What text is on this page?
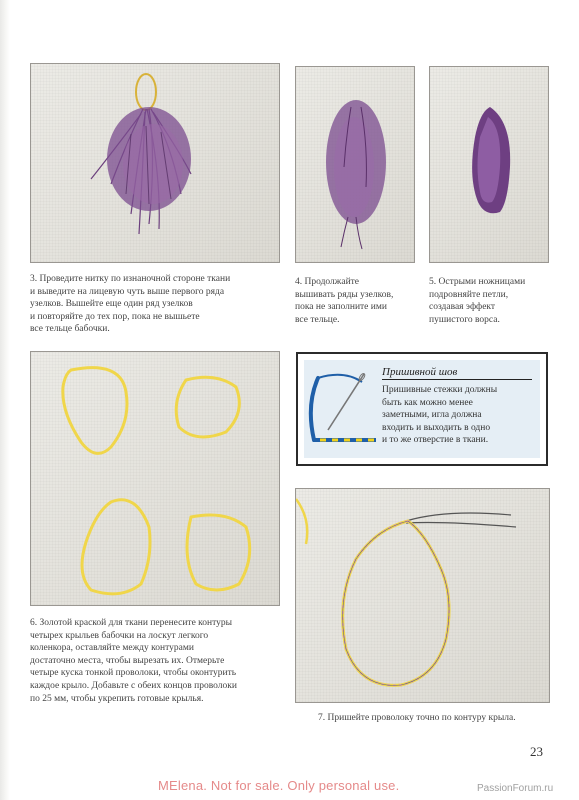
3. Проведите нитку по изнаночной стороне ткани
и выведите на лицевую чуть выше первого ряда
узелков. Вышейте еще один ряд узелков
и повторяйте до тех пор, пока не вышьете
все тельце бабочки.

4. Продолжайте
вышивать ряды узелков,
пока не заполните ими
все тельце.

5. Острыми ножницами
подровняйте петли,
создавая эффект
пушистого ворса.

Пришивной шов
Пришивные стежки должны
быть как можно менее
заметными, игла должна
входить и выходить в одно
и то же отверстие в ткани.

6. Золотой краской для ткани перенесите контуры
четырех крыльев бабочки на лоскут легкого
коленкора, оставляйте между контурами
достаточно места, чтобы вырезать их. Отмерьте
четыре куска тонкой проволоки, чтобы оконтурить
каждое крыло. Добавьте с обеих концов проволоки
по 25 мм, чтобы укрепить готовые крылья.

7. Пришейте проволоку точно по контуру крыла.

23
MElena. Not for sale. Only personal use.	PassionForum.ru
